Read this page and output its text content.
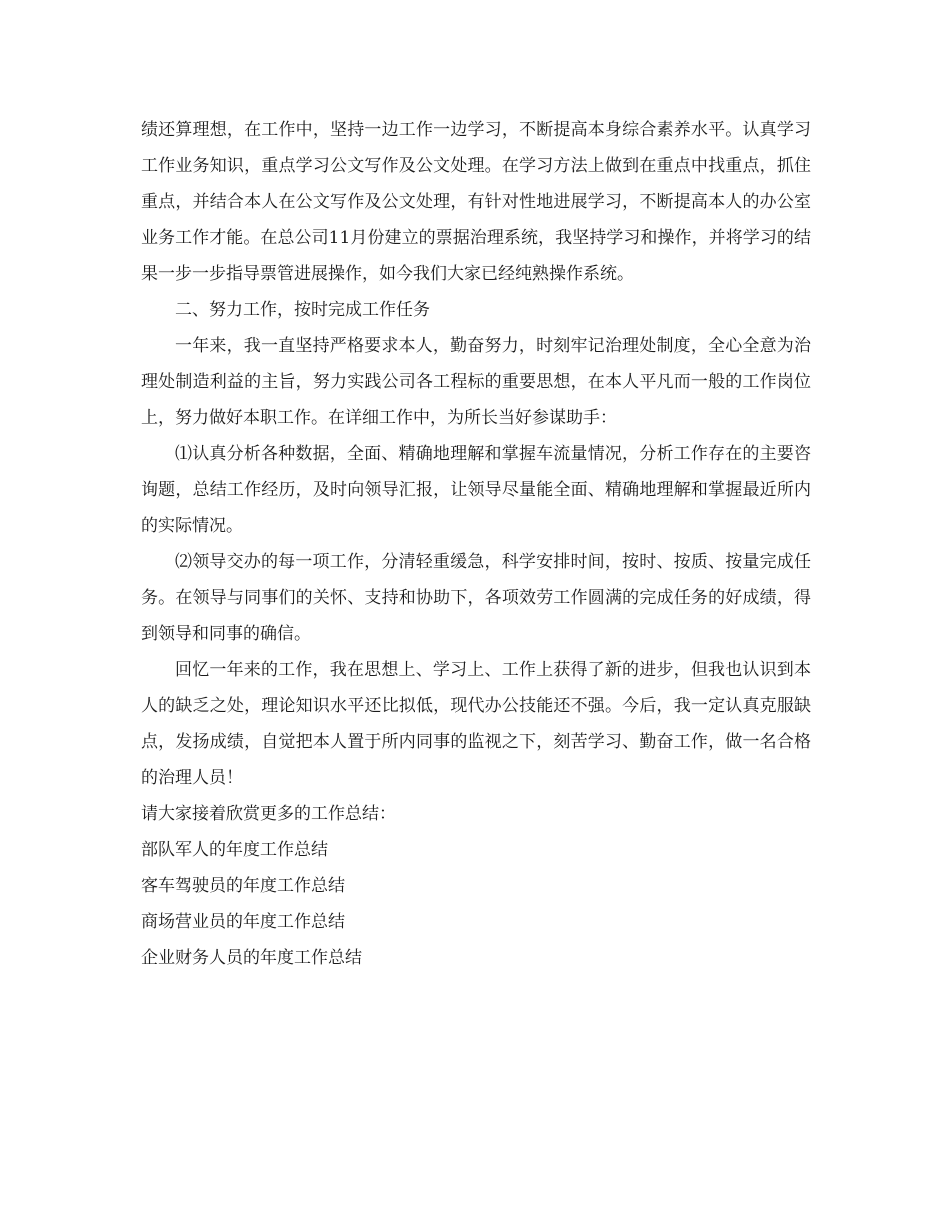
绩还算理想，在工作中，坚持一边工作一边学习，不断提高本身综合素养水平。认真学习工作业务知识，重点学习公文写作及公文处理。在学习方法上做到在重点中找重点，抓住重点，并结合本人在公文写作及公文处理，有针对性地进展学习，不断提高本人的办公室业务工作才能。在总公司11月份建立的票据治理系统，我坚持学习和操作，并将学习的结果一步一步指导票管进展操作，如今我们大家已经纯熟操作系统。

二、努力工作，按时完成工作任务

一年来，我一直坚持严格要求本人，勤奋努力，时刻牢记治理处制度，全心全意为治理处制造利益的主旨，努力实践公司各工程标的重要思想，在本人平凡而一般的工作岗位上，努力做好本职工作。在详细工作中，为所长当好参谋助手：

⑴认真分析各种数据，全面、精确地理解和掌握车流量情况，分析工作存在的主要咨询题，总结工作经历，及时向领导汇报，让领导尽量能全面、精确地理解和掌握最近所内的实际情况。

⑵领导交办的每一项工作，分清轻重缓急，科学安排时间，按时、按质、按量完成任务。在领导与同事们的关怀、支持和协助下，各项效劳工作圆满的完成任务的好成绩，得到领导和同事的确信。

回忆一年来的工作，我在思想上、学习上、工作上获得了新的进步，但我也认识到本人的缺乏之处，理论知识水平还比拟低，现代办公技能还不强。今后，我一定认真克服缺点，发扬成绩，自觉把本人置于所内同事的监视之下，刻苦学习、勤奋工作，做一名合格的治理人员！

请大家接着欣赏更多的工作总结：

部队军人的年度工作总结
客车驾驶员的年度工作总结
商场营业员的年度工作总结
企业财务人员的年度工作总结
